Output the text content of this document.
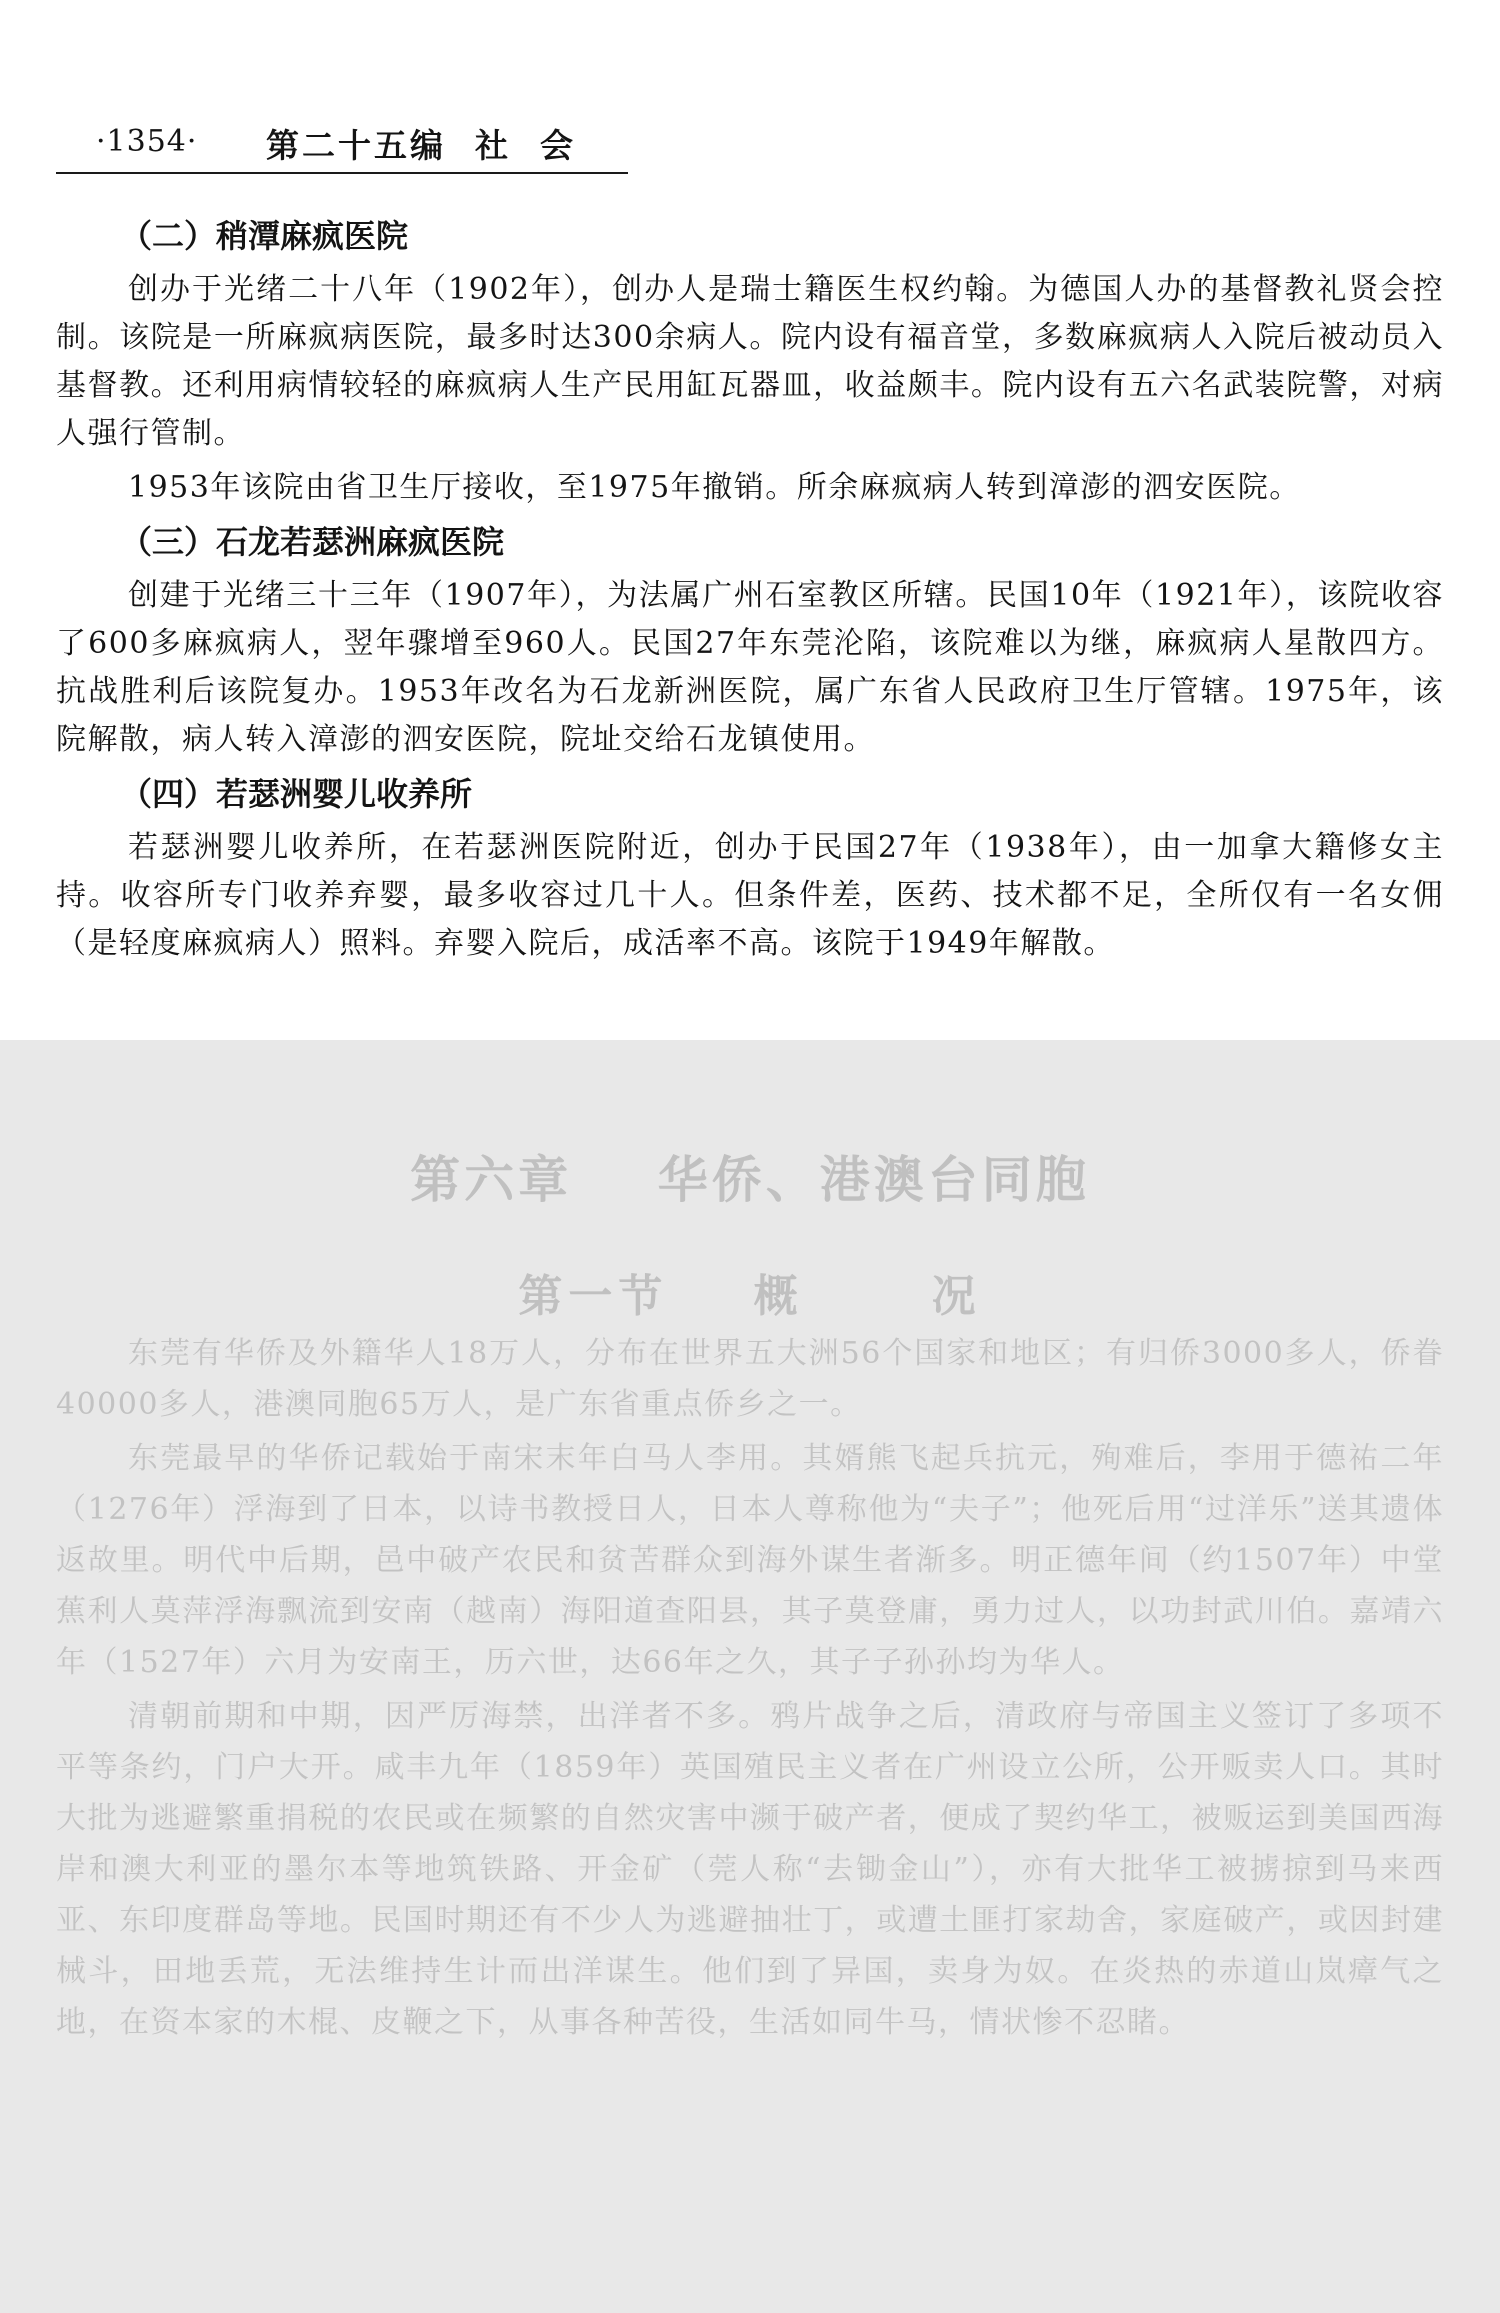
·1354· 第二十五编  社  会
（二）稍潭麻疯医院

创办于光绪二十八年（1902年），创办人是瑞士籍医生权约翰。为德国人办的基督教礼贤会控制。该院是一所麻疯病医院，最多时达300余病人。院内设有福音堂，多数麻疯病人入院后被动员入基督教。还利用病情较轻的麻疯病人生产民用缸瓦器皿，收益颇丰。院内设有五六名武装院警，对病人强行管制。

1953年该院由省卫生厅接收，至1975年撤销。所余麻疯病人转到漳澎的泗安医院。

（三）石龙若瑟洲麻疯医院

创建于光绪三十三年（1907年），为法属广州石室教区所辖。民国10年（1921年），该院收容了600多麻疯病人，翌年骤增至960人。民国27年东莞沦陷，该院难以为继，麻疯病人星散四方。抗战胜利后该院复办。1953年改名为石龙新洲医院，属广东省人民政府卫生厅管辖。1975年，该院解散，病人转入漳澎的泗安医院，院址交给石龙镇使用。

（四）若瑟洲婴儿收养所

若瑟洲婴儿收养所，在若瑟洲医院附近，创办于民国27年（1938年），由一加拿大籍修女主持。收容所专门收养弃婴，最多收容过几十人。但条件差，医药、技术都不足，全所仅有一名女佣（是轻度麻疯病人）照料。弃婴入院后，成活率不高。该院于1949年解散。

第六章    华侨、港澳台同胞
第一节    概      况

东莞有华侨及外籍华人18万人，分布在世界五大洲56个国家和地区；有归侨3000多人，侨眷40000多人，港澳同胞65万人，是广东省重点侨乡之一。

东莞最早的华侨记载始于南宋末年白马人李用。其婿熊飞起兵抗元，殉难后，李用于德祐二年（1276年）浮海到了日本，以诗书教授日人，日本人尊称他为“夫子”；他死后用“过洋乐”送其遗体返故里。明代中后期，邑中破产农民和贫苦群众到海外谋生者渐多。明正德年间（约1507年）中堂蕉利人莫萍浮海飘流到安南（越南）海阳道查阳县，其子莫登庸，勇力过人，以功封武川伯。嘉靖六年（1527年）六月为安南王，历六世，达66年之久，其子子孙孙均为华人。

清朝前期和中期，因严厉海禁，出洋者不多。鸦片战争之后，清政府与帝国主义签订了多项不平等条约，门户大开。咸丰九年（1859年）英国殖民主义者在广州设立公所，公开贩卖人口。其时大批为逃避繁重捐税的农民或在频繁的自然灾害中濒于破产者，便成了契约华工，被贩运到美国西海岸和澳大利亚的墨尔本等地筑铁路、开金矿（莞人称“去锄金山”），亦有大批华工被掳掠到马来西亚、东印度群岛等地。民国时期还有不少人为逃避抽壮丁，或遭土匪打家劫舍，家庭破产，或因封建械斗，田地丢荒，无法维持生计而出洋谋生。他们到了异国，卖身为奴。在炎热的赤道山岚瘴气之地，在资本家的木棍、皮鞭之下，从事各种苦役，生活如同牛马，情状惨不忍睹。
